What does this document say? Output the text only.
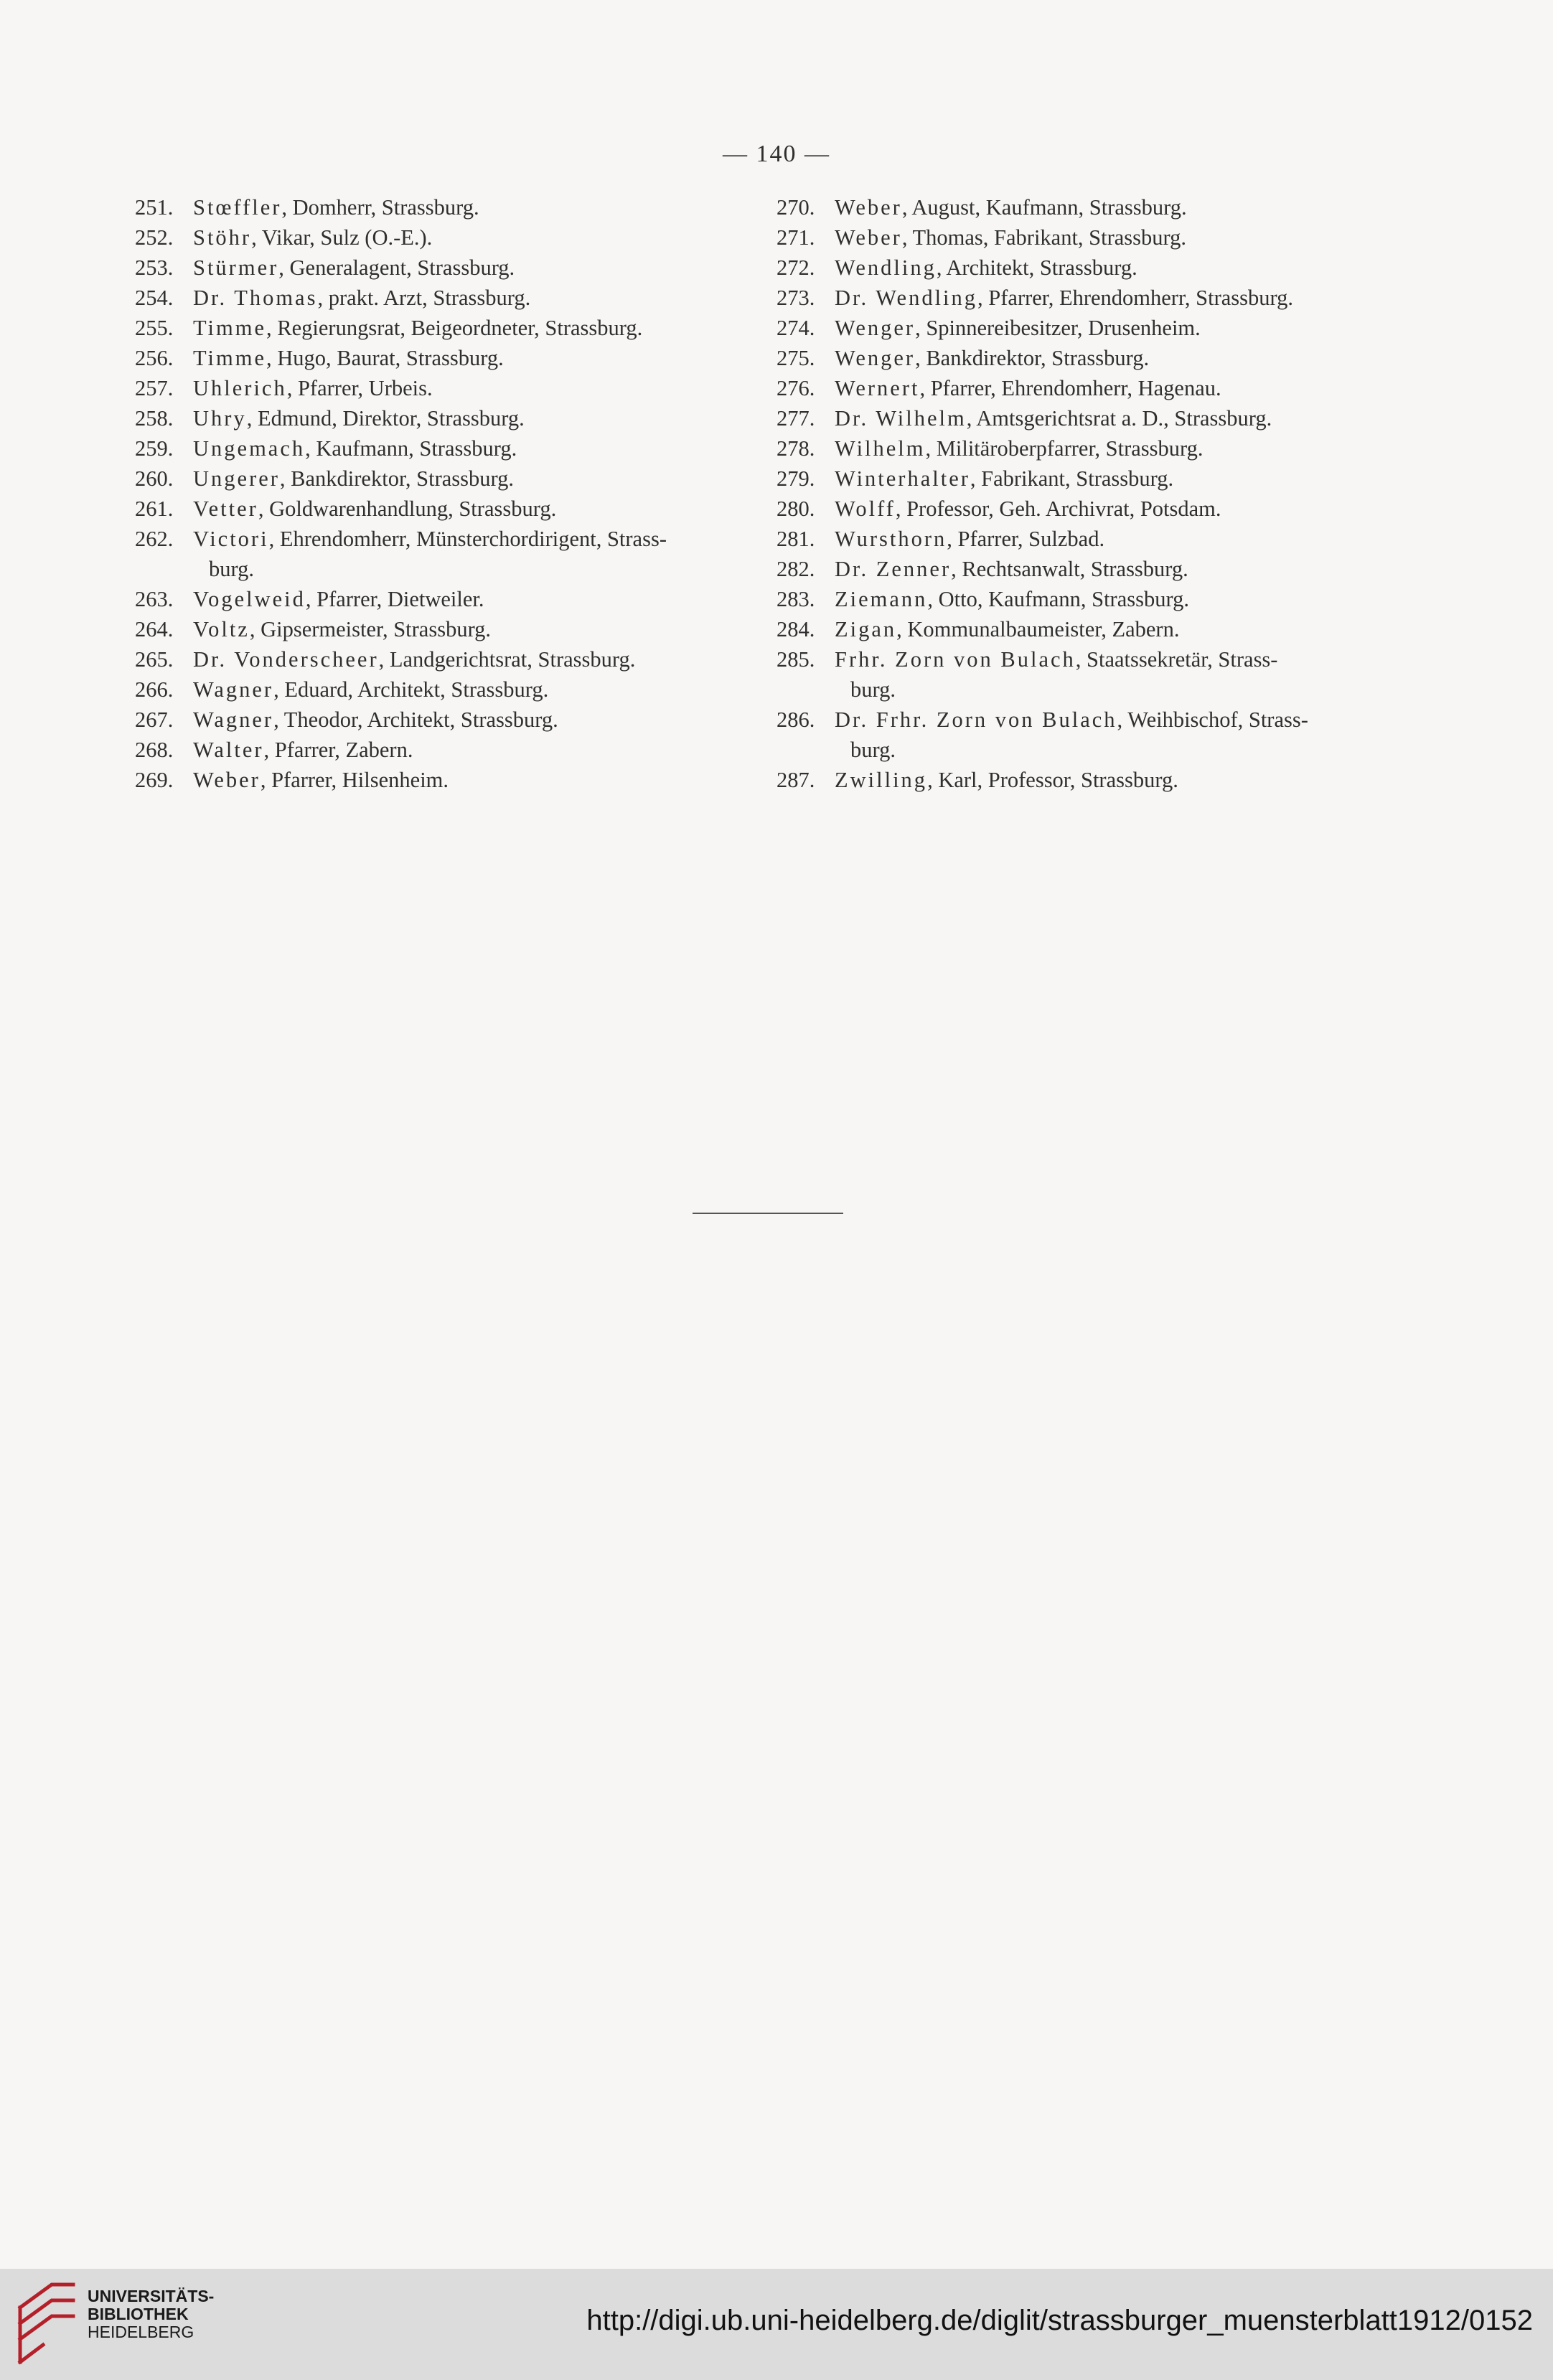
— 140 —
251. Stœffler, Domherr, Strassburg.
252. Stöhr, Vikar, Sulz (O.-E.).
253. Stürmer, Generalagent, Strassburg.
254. Dr. Thomas, prakt. Arzt, Strassburg.
255. Timme, Regierungsrat, Beigeordneter, Strassburg.
256. Timme, Hugo, Baurat, Strassburg.
257. Uhlerich, Pfarrer, Urbeis.
258. Uhry, Edmund, Direktor, Strassburg.
259. Ungemach, Kaufmann, Strassburg.
260. Ungerer, Bankdirektor, Strassburg.
261. Vetter, Goldwarenhandlung, Strassburg.
262. Victori, Ehrendomherr, Münsterchordirigent, Strass-
burg.
263. Vogelweid, Pfarrer, Dietweiler.
264. Voltz, Gipsermeister, Strassburg.
265. Dr. Vonderscheer, Landgerichtsrat, Strassburg.
266. Wagner, Eduard, Architekt, Strassburg.
267. Wagner, Theodor, Architekt, Strassburg.
268. Walter, Pfarrer, Zabern.
269. Weber, Pfarrer, Hilsenheim.
270. Weber, August, Kaufmann, Strassburg.
271. Weber, Thomas, Fabrikant, Strassburg.
272. Wendling, Architekt, Strassburg.
273. Dr. Wendling, Pfarrer, Ehrendomherr, Strassburg.
274. Wenger, Spinnereibesitzer, Drusenheim.
275. Wenger, Bankdirektor, Strassburg.
276. Wernert, Pfarrer, Ehrendomherr, Hagenau.
277. Dr. Wilhelm, Amtsgerichtsrat a. D., Strassburg.
278. Wilhelm, Militäroberpfarrer, Strassburg.
279. Winterhalter, Fabrikant, Strassburg.
280. Wolff, Professor, Geh. Archivrat, Potsdam.
281. Wursthorn, Pfarrer, Sulzbad.
282. Dr. Zenner, Rechtsanwalt, Strassburg.
283. Ziemann, Otto, Kaufmann, Strassburg.
284. Zigan, Kommunalbaumeister, Zabern.
285. Frhr. Zorn von Bulach, Staatssekretär, Strass-
burg.
286. Dr. Frhr. Zorn von Bulach, Weihbischof, Strass-
burg.
287. Zwilling, Karl, Professor, Strassburg.
UNIVERSITÄTS-
BIBLIOTHEK
HEIDELBERG	http://digi.ub.uni-heidelberg.de/diglit/strassburger_muensterblatt1912/0152
